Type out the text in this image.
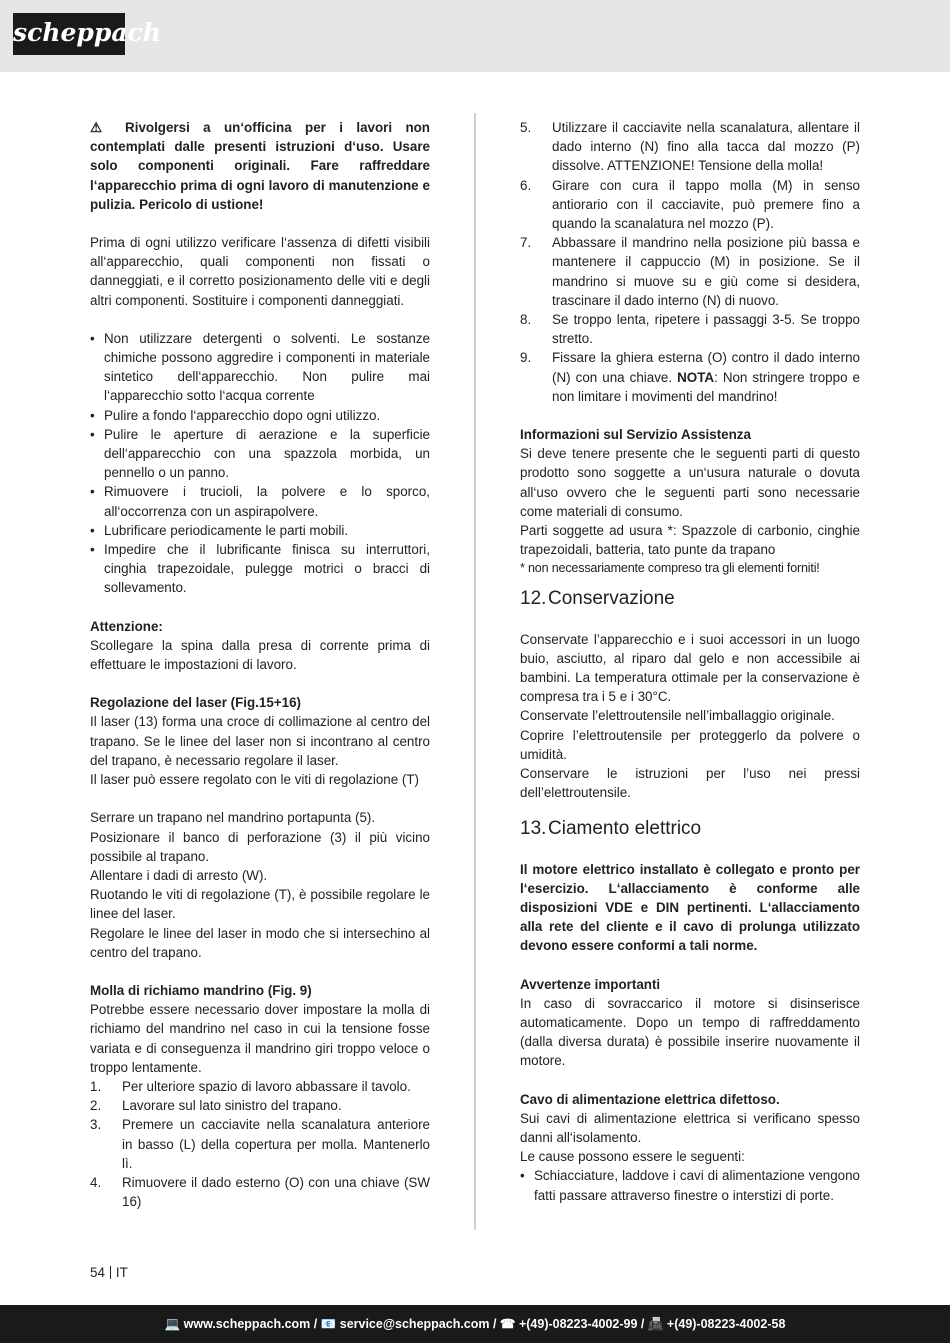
scheppach

⚠ Rivolgersi a un‘officina per i lavori non contemplati dalle presenti istruzioni d‘uso. Usare solo componenti originali. Fare raffreddare l‘apparecchio prima di ogni lavoro di manutenzione e pulizia. Pericolo di ustione!

Prima di ogni utilizzo verificare l‘assenza di difetti visibili all‘apparecchio, quali componenti non fissati o danneggiati, e il corretto posizionamento delle viti e degli altri componenti. Sostituire i componenti danneggiati.

• Non utilizzare detergenti o solventi. Le sostanze chimiche possono aggredire i componenti in materiale sintetico dell‘apparecchio. Non pulire mai l‘apparecchio sotto l‘acqua corrente
• Pulire a fondo l‘apparecchio dopo ogni utilizzo.
• Pulire le aperture di aerazione e la superficie dell‘apparecchio con una spazzola morbida, un pennello o un panno.
• Rimuovere i trucioli, la polvere e lo sporco, all‘occorrenza con un aspirapolvere.
• Lubrificare periodicamente le parti mobili.
• Impedire che il lubrificante finisca su interruttori, cinghia trapezoidale, pulegge motrici o bracci di sollevamento.

Attenzione:

Scollegare la spina dalla presa di corrente prima di effettuare le impostazioni di lavoro.

Regolazione del laser (Fig.15+16)

Il laser (13) forma una croce di collimazione al centro del trapano. Se le linee del laser non si incontrano al centro del trapano, è necessario regolare il laser.

Il laser può essere regolato con le viti di regolazione (T)

Serrare un trapano nel mandrino portapunta (5).

Posizionare il banco di perforazione (3) il più vicino possibile al trapano.

Allentare i dadi di arresto (W).

Ruotando le viti di regolazione (T), è possibile regolare le linee del laser.

Regolare le linee del laser in modo che si intersechino al centro del trapano.

Molla di richiamo mandrino (Fig. 9)

Potrebbe essere necessario dover impostare la molla di richiamo del mandrino nel caso in cui la tensione fosse variata e di conseguenza il mandrino giri troppo veloce o troppo lentamente.

1. Per ulteriore spazio di lavoro abbassare il tavolo.
2. Lavorare sul lato sinistro del trapano.
3. Premere un cacciavite nella scanalatura anteriore in basso (L) della copertura per molla. Mantenerlo lì.
4. Rimuovere il dado esterno (O) con una chiave (SW 16)
5. Utilizzare il cacciavite nella scanalatura, allentare il dado interno (N) fino alla tacca dal mozzo (P) dissolve. ATTENZIONE! Tensione della molla!
6. Girare con cura il tappo molla (M) in senso antiorario con il cacciavite, può premere fino a quando la scanalatura nel mozzo (P).
7. Abbassare il mandrino nella posizione più bassa e mantenere il cappuccio (M) in posizione. Se il mandrino si muove su e giù come si desidera, trascinare il dado interno (N) di nuovo.
8. Se troppo lenta, ripetere i passaggi 3-5. Se troppo stretto.
9. Fissare la ghiera esterna (O) contro il dado interno (N) con una chiave. NOTA: Non stringere troppo e non limitare i movimenti del mandrino!

Informazioni sul Servizio Assistenza

Si deve tenere presente che le seguenti parti di questo prodotto sono soggette a un‘usura naturale o dovuta all‘uso ovvero che le seguenti parti sono necessarie come materiali di consumo.

Parti soggette ad usura *: Spazzole di carbonio, cinghie trapezoidali, batteria, tato punte da trapano

* non necessariamente compreso tra gli elementi forniti!

12.Conservazione

Conservate l’apparecchio e i suoi accessori in un luogo buio, asciutto, al riparo dal gelo e non accessibile ai bambini. La temperatura ottimale per la conservazione è compresa tra i 5 e i 30°C.

Conservate l’elettroutensile nell’imballaggio originale.

Coprire l’elettroutensile per proteggerlo da polvere o umidità.

Conservare le istruzioni per l’uso nei pressi dell’elettroutensile.

13.Ciamento elettrico

Il motore elettrico installato è collegato e pronto per l‘esercizio. L‘allacciamento è conforme alle disposizioni VDE e DIN pertinenti. L‘allacciamento alla rete del cliente e il cavo di prolunga utilizzato devono essere conformi a tali norme.

Avvertenze importanti

In caso di sovraccarico il motore si disinserisce automaticamente. Dopo un tempo di raffreddamento (dalla diversa durata) è possibile inserire nuovamente il motore.

Cavo di alimentazione elettrica difettoso.

Sui cavi di alimentazione elettrica si verificano spesso danni all‘isolamento.

Le cause possono essere le seguenti:

• Schiacciature, laddove i cavi di alimentazione vengono fatti passare attraverso finestre o interstizi di porte.
54 IT
💻 www.scheppach.com / 📧 service@scheppach.com / ☎ +(49)-08223-4002-99 / 📠 +(49)-08223-4002-58
